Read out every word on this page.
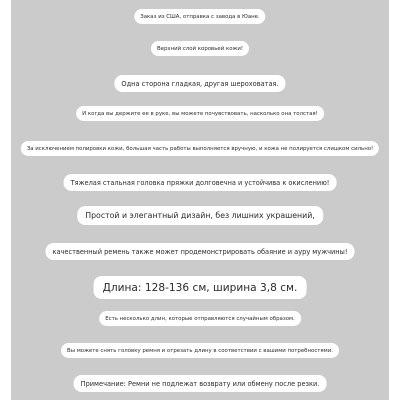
Заказ из США, отправка с завода в Юане.
Верхний слой коровьей кожи!
Одна сторона гладкая, другая шероховатая.
И когда вы держите ее в руке, вы можете почувствовать, насколько она толстая!
За исключением полировки кожи, большая часть работы выполняется вручную, и кожа не полируется слишком сильно!
Тяжелая стальная головка пряжки долговечна и устойчива к окислению!
Простой и элегантный дизайн, без лишних украшений,
качественный ремень также может продемонстрировать обаяние и ауру мужчины!
Длина: 128-136 см, ширина 3,8 см.
Есть несколько длин, которые отправляются случайным образом.
Вы можете снять головку ремня и отрезать длину в соответствии с вашими потребностями.
Примечание: Ремни не подлежат возврату или обмену после резки.
